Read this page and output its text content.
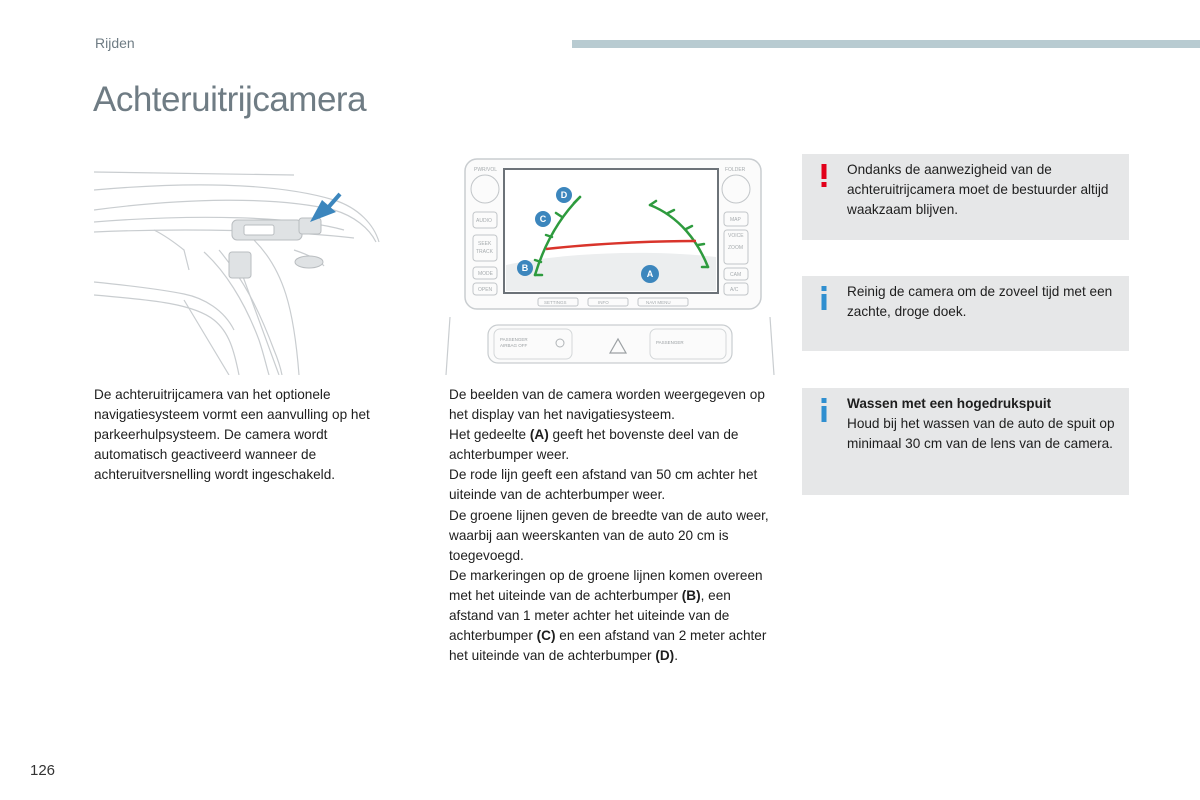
Rijden
Achteruitrijcamera
PWR/VOL
AUDIO
SEEK
TRACK
MODE
OPEN
FOLDER
MAP
VOICE
ZOOM
CAM
A/C
D
C
B
A
SETTINGS	INFO	NAVI MENU
PASSENGER
AIRBAG OFF
PASSENGER
De achteruitrijcamera van het optionele navigatiesysteem vormt een aanvulling op het parkeerhulpsysteem. De camera wordt automatisch geactiveerd wanneer de achteruitversnelling wordt ingeschakeld.

De beelden van de camera worden weergegeven op het display van het navigatiesysteem.

Het gedeelte (A) geeft het bovenste deel van de achterbumper weer.

De rode lijn geeft een afstand van 50 cm achter het uiteinde van de achterbumper weer.

De groene lijnen geven de breedte van de auto weer, waarbij aan weerskanten van de auto 20 cm is toegevoegd.

De markeringen op de groene lijnen komen overeen met het uiteinde van de achterbumper (B), een afstand van 1 meter achter het uiteinde van de achterbumper (C) en een afstand van 2 meter achter het uiteinde van de achterbumper (D).

Ondanks de aanwezigheid van de achteruitrijcamera moet de bestuurder altijd waakzaam blijven.
Reinig de camera om de zoveel tijd met een zachte, droge doek.
Wassen met een hogedrukspuit
Houd bij het wassen van de auto de spuit op minimaal 30 cm van de lens van de camera.
126
